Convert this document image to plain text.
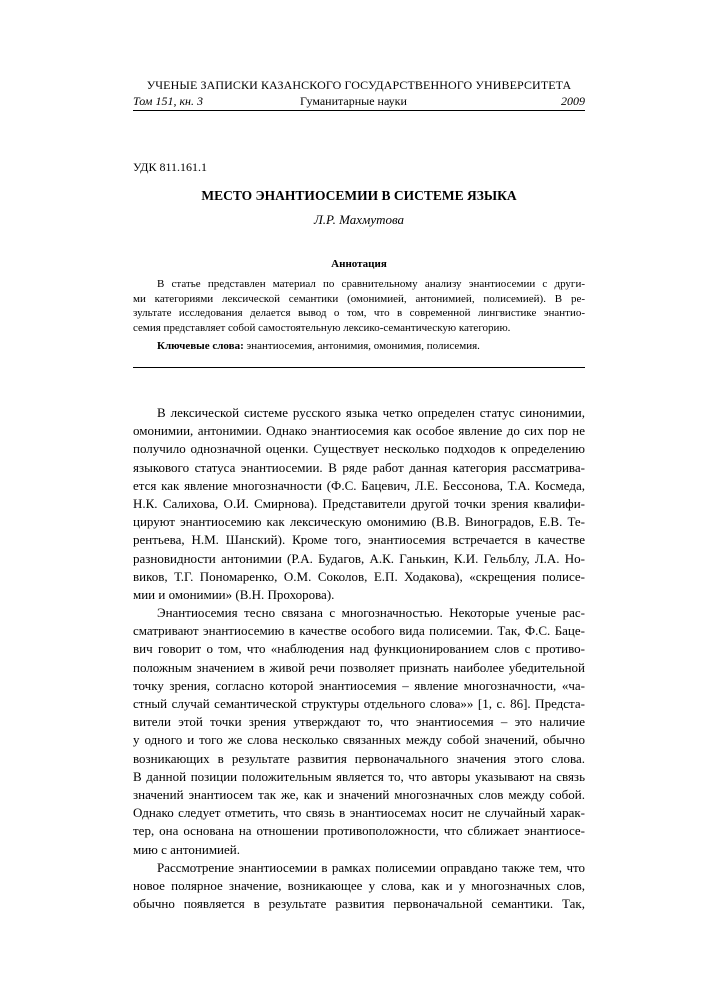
УЧЕНЫЕ ЗАПИСКИ КАЗАНСКОГО ГОСУДАРСТВЕННОГО УНИВЕРСИТЕТА
Том 151, кн. 3	Гуманитарные науки	2009
УДК 811.161.1
МЕСТО ЭНАНТИОСЕМИИ В СИСТЕМЕ ЯЗЫКА
Л.Р. Махмутова
Аннотация
В статье представлен материал по сравнительному анализу энантиосемии с други-
ми категориями лексической семантики (омонимией, антонимией, полисемией). В ре-
зультате исследования делается вывод о том, что в современной лингвистике энантио-
семия представляет собой самостоятельную лексико-семантическую категорию.
Ключевые слова: энантиосемия, антонимия, омонимия, полисемия.
В лексической системе русского языка четко определен статус синонимии,
омонимии, антонимии. Однако энантиосемия как особое явление до сих пор не
получило однозначной оценки. Существует несколько подходов к определению
языкового статуса энантиосемии. В ряде работ данная категория рассматрива-
ется как явление многозначности (Ф.С. Бацевич, Л.Е. Бессонова, Т.А. Космеда,
Н.К. Салихова, О.И. Смирнова). Представители другой точки зрения квалифи-
цируют энантиосемию как лексическую омонимию (В.В. Виноградов, Е.В. Те-
рентьева, Н.М. Шанский). Кроме того, энантиосемия встречается в качестве
разновидности антонимии (Р.А. Будагов, А.К. Ганькин, К.И. Гельблу, Л.А. Но-
виков, Т.Г. Пономаренко, О.М. Соколов, Е.П. Ходакова), «скрещения полисе-
мии и омонимии» (В.Н. Прохорова).
Энантиосемия тесно связана с многозначностью. Некоторые ученые рас-
сматривают энантиосемию в качестве особого вида полисемии. Так, Ф.С. Баце-
вич говорит о том, что «наблюдения над функционированием слов с противо-
положным значением в живой речи позволяет признать наиболее убедительной
точку зрения, согласно которой энантиосемия – явление многозначности, «ча-
стный случай семантической структуры отдельного слова»» [1, с. 86]. Предста-
вители этой точки зрения утверждают то, что энантиосемия – это наличие
у одного и того же слова несколько связанных между собой значений, обычно
возникающих в результате развития первоначального значения этого слова.
В данной позиции положительным является то, что авторы указывают на связь
значений энантиосем так же, как и значений многозначных слов между собой.
Однако следует отметить, что связь в энантиосемах носит не случайный харак-
тер, она основана на отношении противоположности, что сближает энантиосе-
мию с антонимией.
Рассмотрение энантиосемии в рамках полисемии оправдано также тем, что
новое полярное значение, возникающее у слова, как и у многозначных слов,
обычно появляется в результате развития первоначальной семантики. Так,
